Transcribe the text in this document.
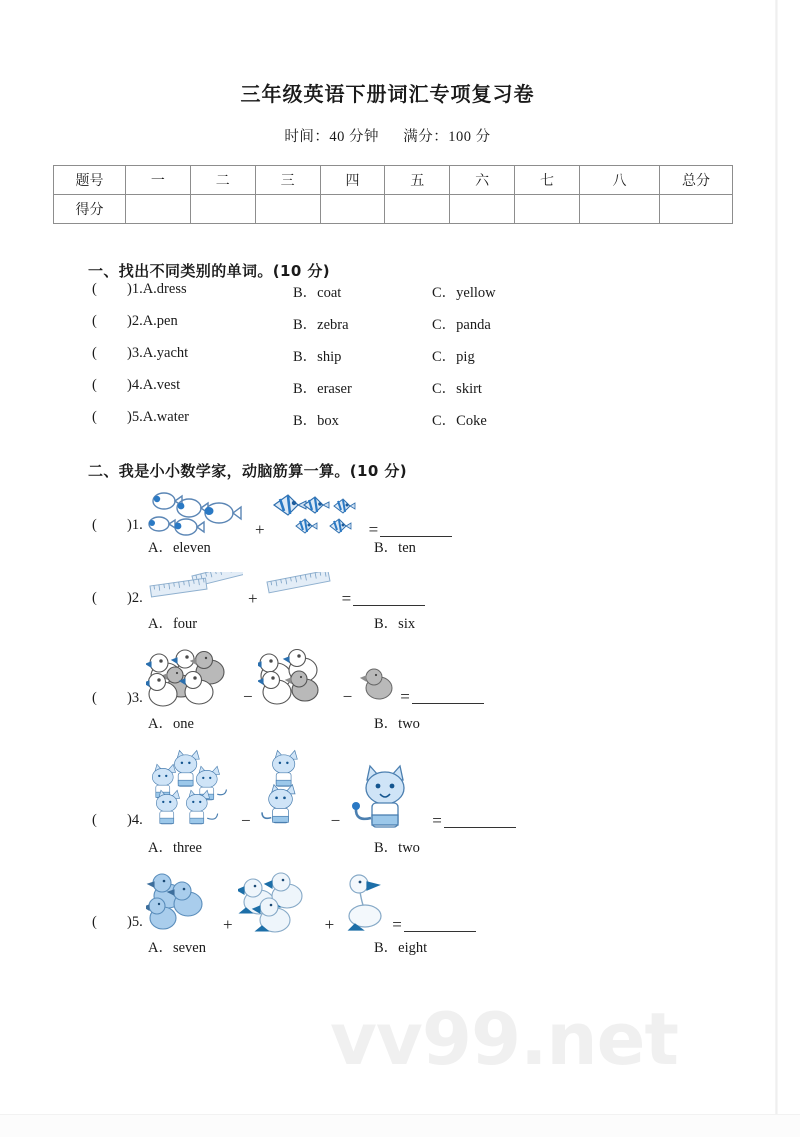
三年级英语下册词汇专项复习卷
时间：40 分钟 满分：100 分
题号	一	二	三	四	五	六	七	八	总分
得分									
一、找出不同类别的单词。(10 分)
( )1.A.dress	B．coat	C．yellow
( )2.A.pen	B．zebra	C．panda
( )3.A.yacht	B．ship	C．pig
( )4.A.vest	B．eraser	C．skirt
( )5.A.water	B．box	C．Coke
二、我是小小数学家，动脑筋算一算。(10 分)
( )1.	+	=
A．eleven	B．ten
( )2.	+	=
A．four	B．six
( )3.	−	−	=
A．one	B．two
( )4.	−	−	=
A．three	B．two
( )5.	+	+	=
A．seven	B．eight
vv99.net
